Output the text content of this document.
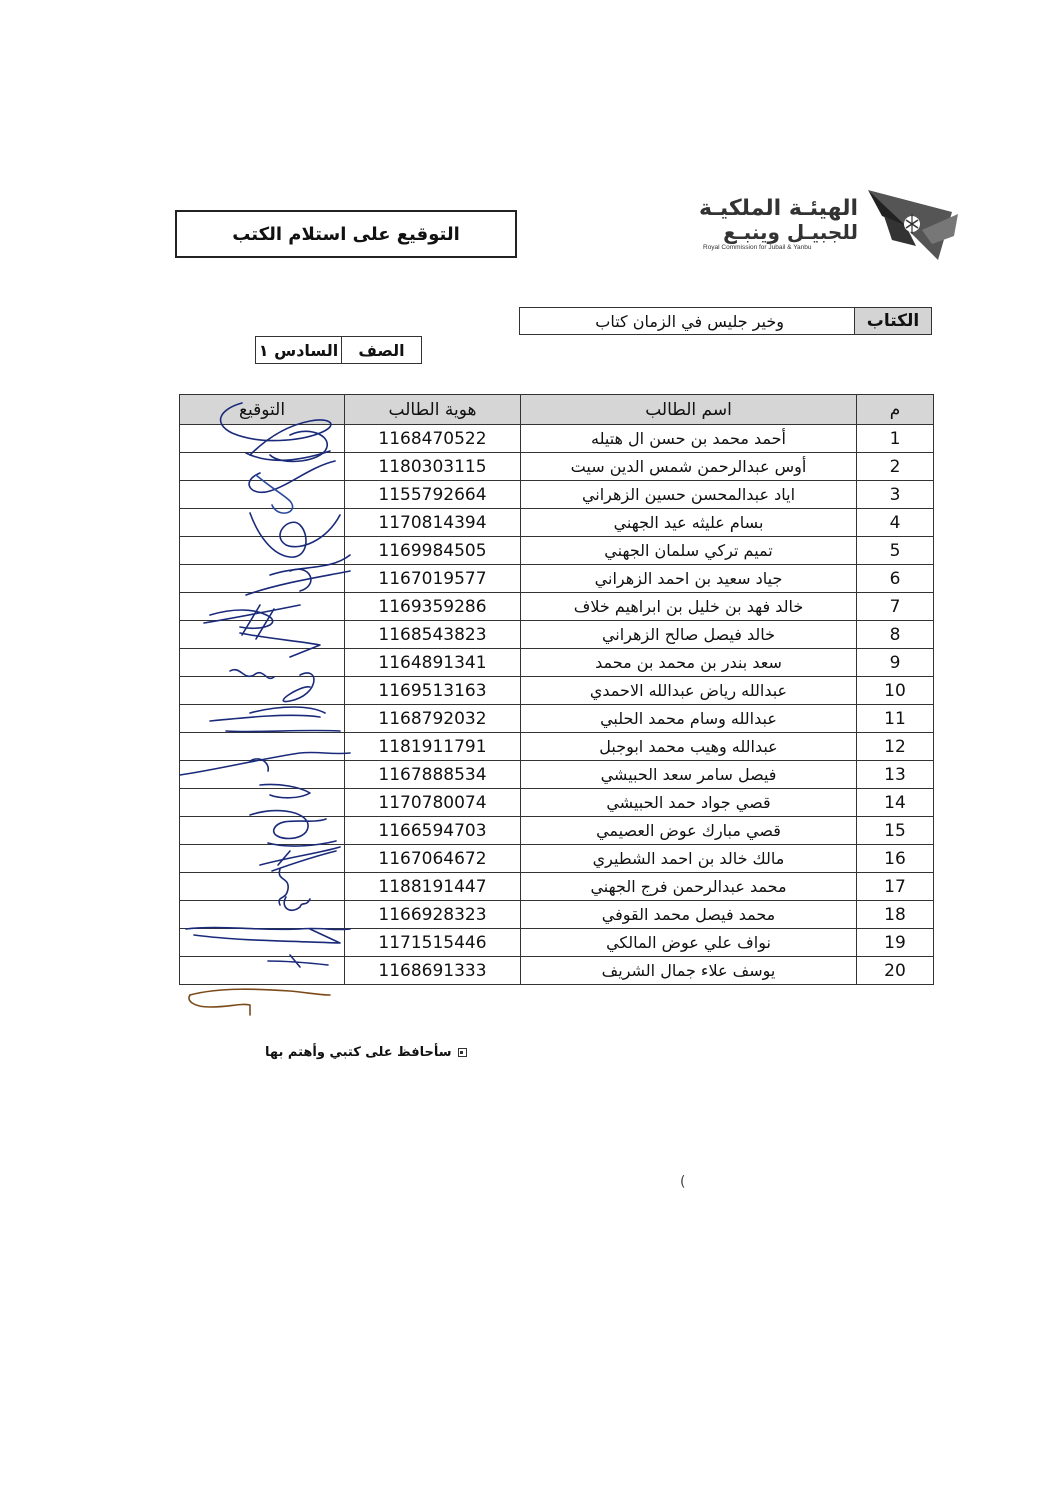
التوقيع على استلام الكتب
الهيئـة الملكيـة
للجبيـل وينبـع
Royal Commission for Jubail & Yanbu
وخير جليس في الزمان كتاب	الكتاب
السادس ١	الصف
التوقيع	هوية الطالب	اسم الطالب	م
	1168470522	أحمد محمد بن حسن ال هتيله	1
	1180303115	أوس عبدالرحمن شمس الدين سيت	2
	1155792664	اياد عبدالمحسن حسين الزهراني	3
	1170814394	بسام عليثه عيد الجهني	4
	1169984505	تميم تركي سلمان الجهني	5
	1167019577	جياد سعيد بن احمد الزهراني	6
	1169359286	خالد فهد بن خليل بن ابراهيم خلاف	7
	1168543823	خالد فيصل صالح الزهراني	8
	1164891341	سعد بندر بن محمد بن محمد	9
	1169513163	عبدالله رياض عبدالله الاحمدي	10
	1168792032	عبدالله وسام محمد الحلبي	11
	1181911791	عبدالله وهيب محمد ابوجبل	12
	1167888534	فيصل سامر سعد الحبيشي	13
	1170780074	قصي جواد حمد الحبيشي	14
	1166594703	قصي مبارك عوض العصيمي	15
	1167064672	مالك خالد بن احمد الشطيري	16
	1188191447	محمد عبدالرحمن فرج الجهني	17
	1166928323	محمد فيصل محمد القوفي	18
	1171515446	نواف علي عوض المالكي	19
	1168691333	يوسف علاء جمال الشريف	20
سأحافظ على كتبي وأهتم بها
(
